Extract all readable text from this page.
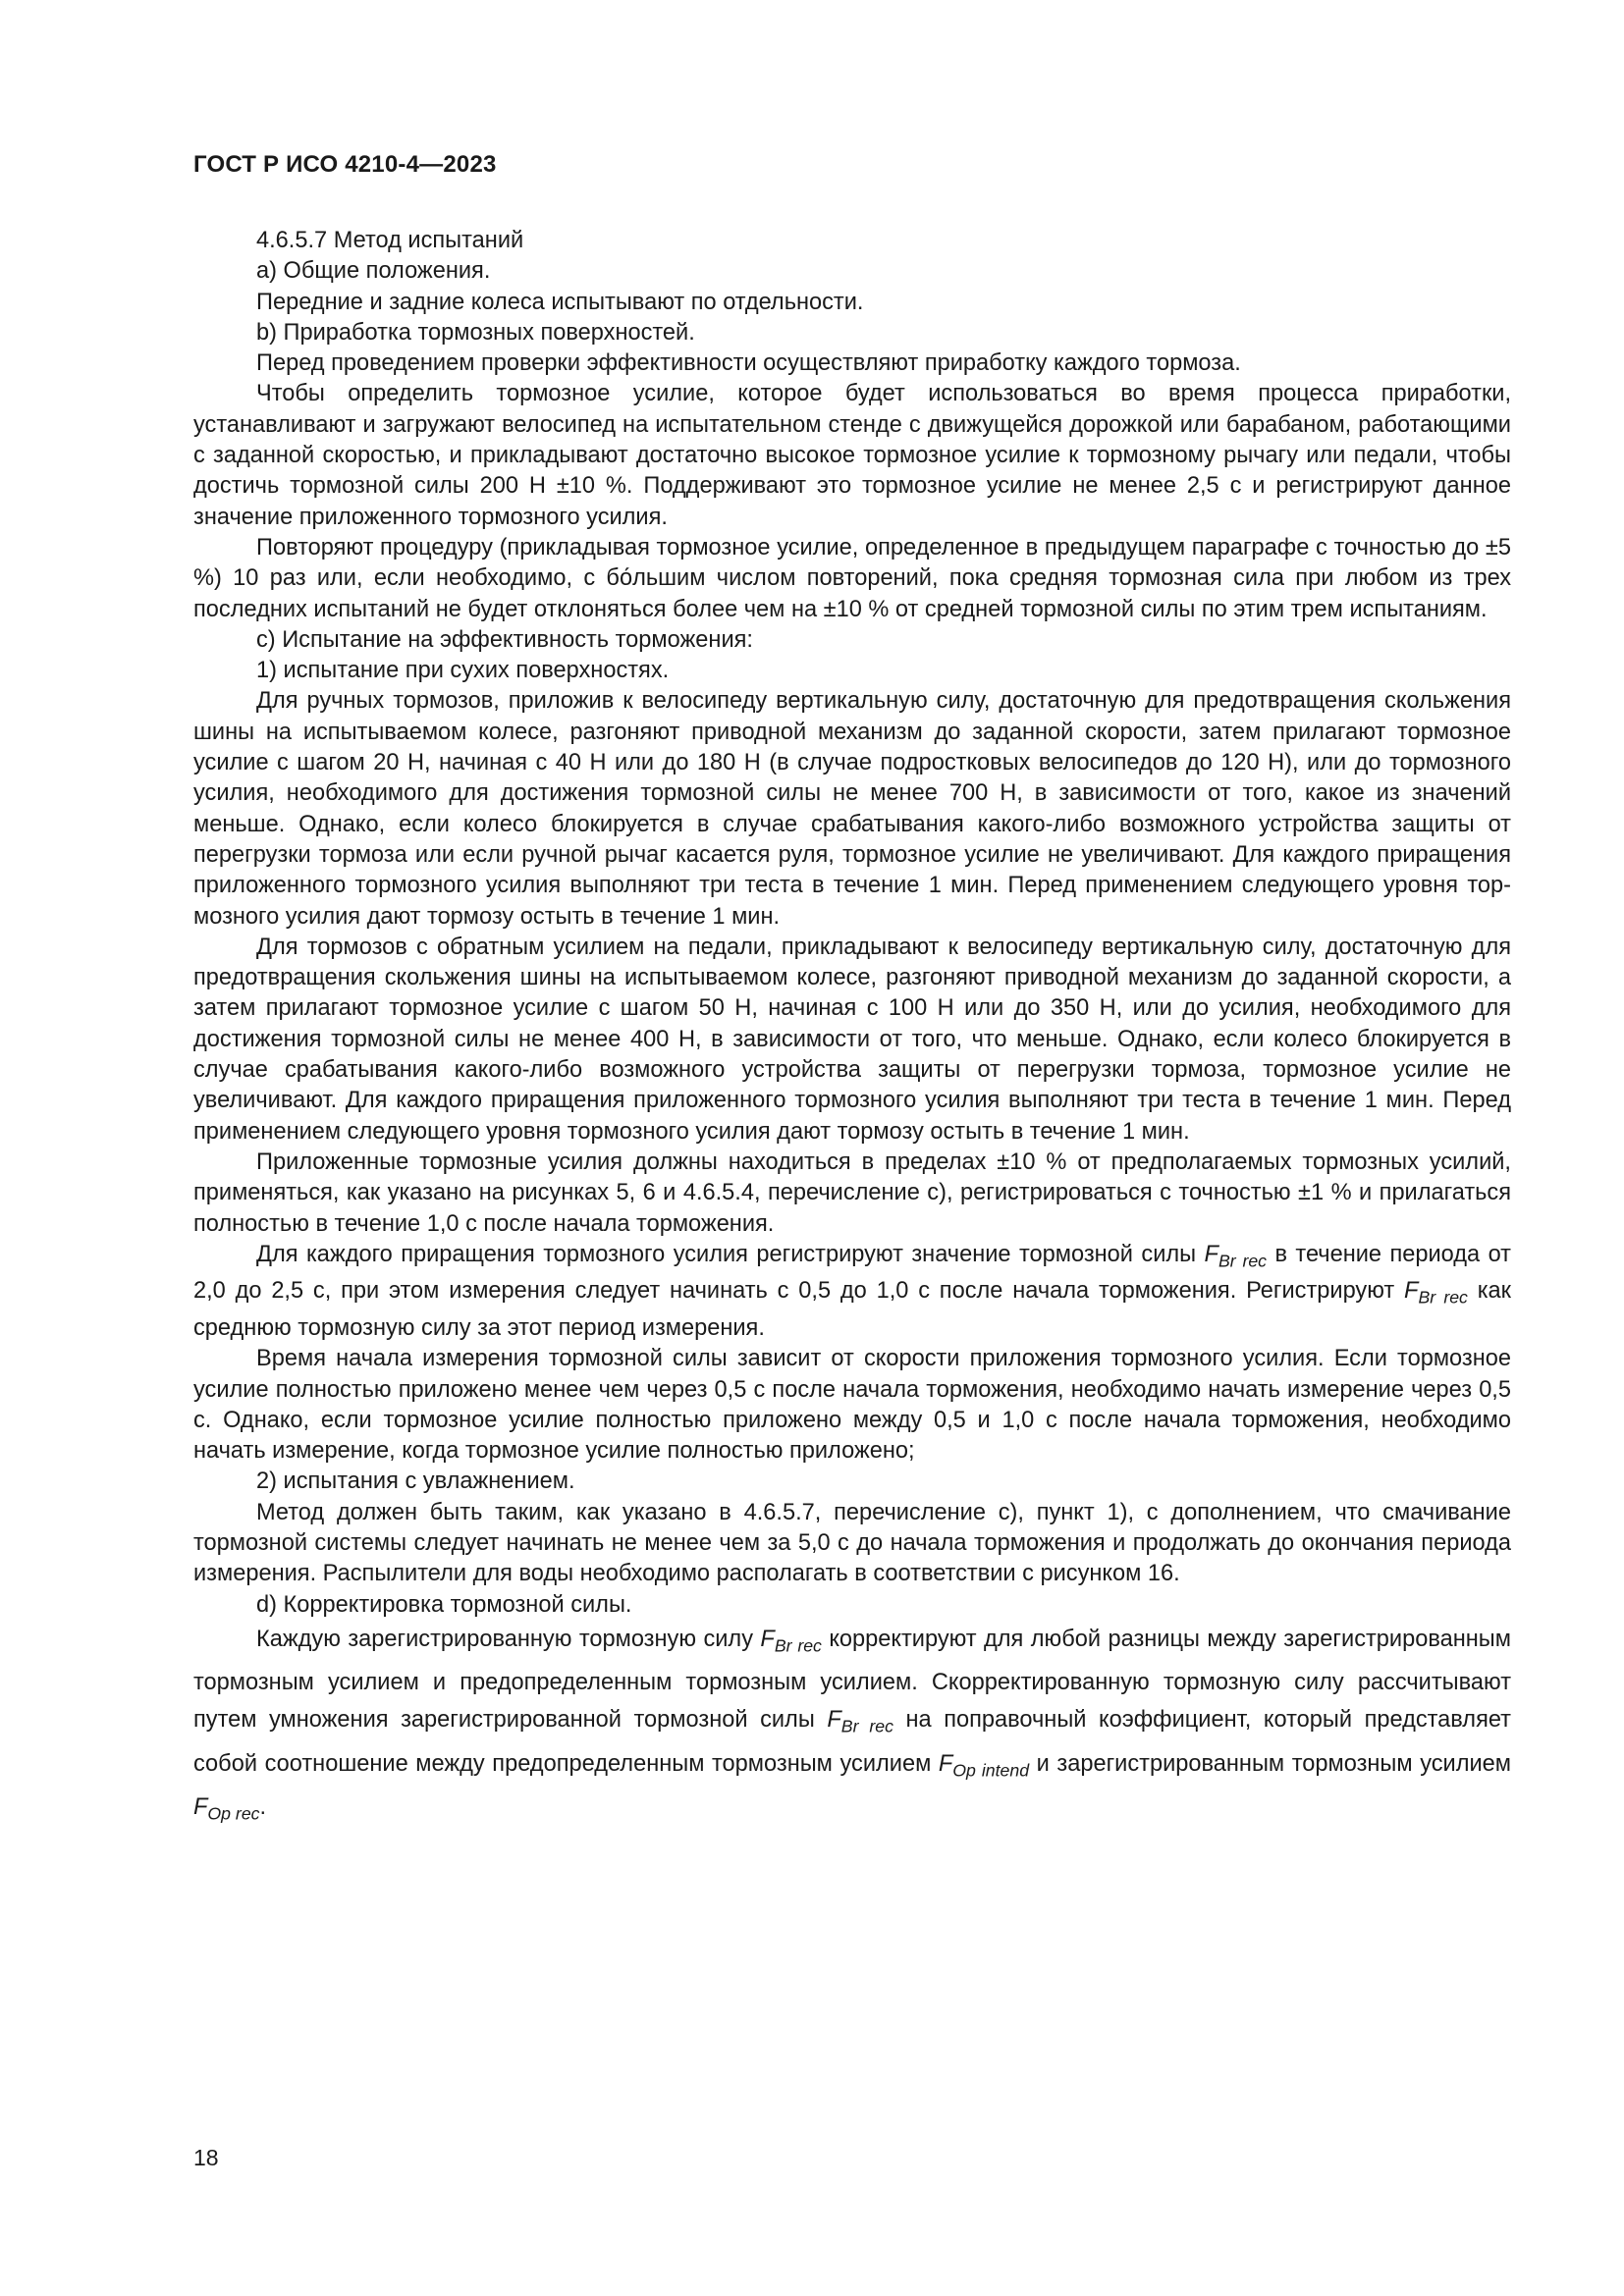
ГОСТ Р ИСО 4210-4—2023

4.6.5.7 Метод испытаний

a) Общие положения.

Передние и задние колеса испытывают по отдельности.

b) Приработка тормозных поверхностей.

Перед проведением проверки эффективности осуществляют приработку каждого тормоза.

Чтобы определить тормозное усилие, которое будет использоваться во время процесса приработки, устанавливают и загружают велосипед на испытательном стенде с движущейся дорожкой или барабаном, работающими с заданной скоростью, и прикладывают достаточно высокое тормозное усилие к тормозному рычагу или педали, чтобы достичь тормозной силы 200 Н ±10 %. Поддерживают это тормозное усилие не менее 2,5 с и регистрируют данное значение приложенного тормозного усилия.

Повторяют процедуру (прикладывая тормозное усилие, определенное в предыдущем параграфе с точностью до ±5 %) 10 раз или, если необходимо, с бо́льшим числом повторений, пока средняя тормозная сила при любом из трех последних испытаний не будет отклоняться более чем на ±10 % от средней тормозной силы по этим трем испытаниям.

c) Испытание на эффективность торможения:

1) испытание при сухих поверхностях.

Для ручных тормозов, приложив к велосипеду вертикальную силу, достаточную для предотвращения скольжения шины на испытываемом колесе, разгоняют приводной механизм до заданной скорости, затем прилагают тормозное усилие с шагом 20 Н, начиная с 40 Н или до 180 Н (в случае подростковых велосипедов до 120 Н), или до тормозного усилия, необходимого для достижения тормозной силы не менее 700 Н, в зависимости от того, какое из значений меньше. Однако, если колесо блокируется в случае срабатывания какого-либо возможного устройства защиты от перегрузки тормоза или если ручной рычаг касается руля, тормозное усилие не увеличивают. Для каждого приращения приложенного тормозного усилия выполняют три теста в течение 1 мин. Перед применением следующего уровня тормозного усилия дают тормозу остыть в течение 1 мин.

Для тормозов с обратным усилием на педали, прикладывают к велосипеду вертикальную силу, достаточную для предотвращения скольжения шины на испытываемом колесе, разгоняют приводной механизм до заданной скорости, а затем прилагают тормозное усилие с шагом 50 Н, начиная с 100 Н или до 350 Н, или до усилия, необходимого для достижения тормозной силы не менее 400 Н, в зависимости от того, что меньше. Однако, если колесо блокируется в случае срабатывания какого-либо возможного устройства защиты от перегрузки тормоза, тормозное усилие не увеличивают. Для каждого приращения приложенного тормозного усилия выполняют три теста в течение 1 мин. Перед применением следующего уровня тормозного усилия дают тормозу остыть в течение 1 мин.

Приложенные тормозные усилия должны находиться в пределах ±10 % от предполагаемых тормозных усилий, применяться, как указано на рисунках 5, 6 и 4.6.5.4, перечисление c), регистрироваться с точностью ±1 % и прилагаться полностью в течение 1,0 с после начала торможения.

Для каждого приращения тормозного усилия регистрируют значение тормозной силы $F_{Br rec}$ в течение периода от 2,0 до 2,5 с, при этом измерения следует начинать с 0,5 до 1,0 с после начала торможения. Регистрируют $F_{Br rec}$ как среднюю тормозную силу за этот период измерения.

Время начала измерения тормозной силы зависит от скорости приложения тормозного усилия. Если тормозное усилие полностью приложено менее чем через 0,5 с после начала торможения, необходимо начать измерение через 0,5 с. Однако, если тормозное усилие полностью приложено между 0,5 и 1,0 с после начала торможения, необходимо начать измерение, когда тормозное усилие полностью приложено;

2) испытания с увлажнением.

Метод должен быть таким, как указано в 4.6.5.7, перечисление c), пункт 1), с дополнением, что смачивание тормозной системы следует начинать не менее чем за 5,0 с до начала торможения и продолжать до окончания периода измерения. Распылители для воды необходимо располагать в соответствии с рисунком 16.

d) Корректировка тормозной силы.

Каждую зарегистрированную тормозную силу $F_{Br rec}$ корректируют для любой разницы между зарегистрированным тормозным усилием и предопределенным тормозным усилием. Скорректированную тормозную силу рассчитывают путем умножения зарегистрированной тормозной силы $F_{Br rec}$ на поправочный коэффициент, который представляет собой соотношение между предопределенным тормозным усилием $F_{Op intend}$ и зарегистрированным тормозным усилием $F_{Op rec}$.

18
